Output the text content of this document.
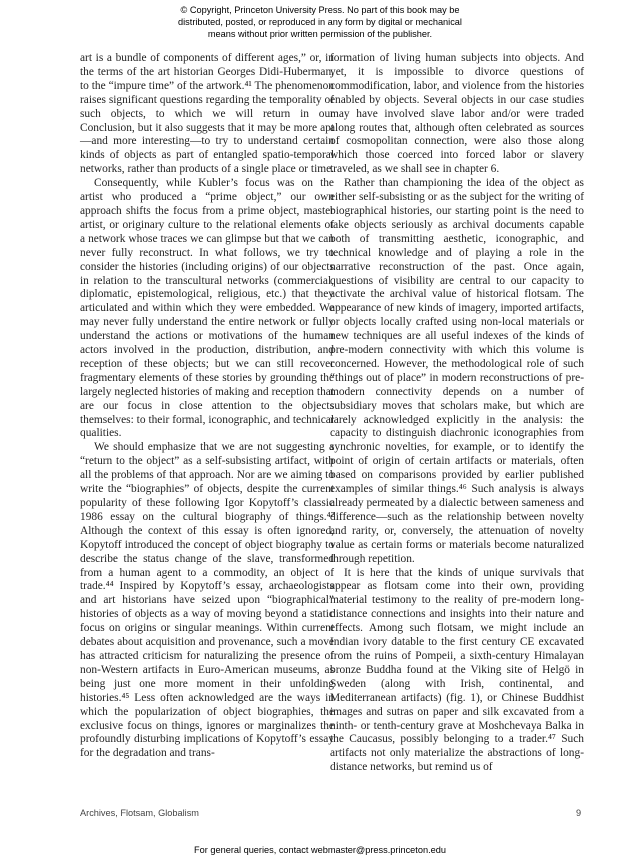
© Copyright, Princeton University Press. No part of this book may be
distributed, posted, or reproduced in any form by digital or mechanical
means without prior written permission of the publisher.

art is a bundle of components of different ages,” or, in the terms of the art historian Georges Didi-Huberman, to the “impure time” of the artwork.⁴¹ The phenomenon raises significant questions regarding the temporality of such objects, to which we will return in our Conclusion, but it also suggests that it may be more apt—and more interesting—to try to understand certain kinds of objects as part of entangled spatio-temporal networks, rather than products of a single place or time.

Consequently, while Kubler’s focus was on the artist who produced a “prime object,” our own approach shifts the focus from a prime object, master artist, or originary culture to the relational elements of a network whose traces we can glimpse but that we can never fully reconstruct. In what follows, we try to consider the histories (including origins) of our objects in relation to the transcultural networks (commercial, diplomatic, epistemological, religious, etc.) that they articulated and within which they were embedded. We may never fully understand the entire network or fully understand the actions or motivations of the human actors involved in the production, distribution, and reception of these objects; but we can still recover fragmentary elements of these stories by grounding the largely neglected histories of making and reception that are our focus in close attention to the objects themselves: to their formal, iconographic, and technical qualities.

We should emphasize that we are not suggesting a “return to the object” as a self-subsisting artifact, with all the problems of that approach. Nor are we aiming to write the “biographies” of objects, despite the current popularity of these following Igor Kopytoff’s classic 1986 essay on the cultural biography of things.⁴² Although the context of this essay is often ignored, Kopytoff introduced the concept of object biography to describe the status change of the slave, transformed from a human agent to a commodity, an object of trade.⁴⁴ Inspired by Kopytoff’s essay, archaeologists and art historians have seized upon “biographical” histories of objects as a way of moving beyond a static focus on origins or singular meanings. Within current debates about acquisition and provenance, such a move has attracted criticism for naturalizing the presence of non-Western artifacts in Euro-American museums, as being just one more moment in their unfolding histories.⁴⁵ Less often acknowledged are the ways in which the popularization of object biographies, the exclusive focus on things, ignores or marginalizes the profoundly disturbing implications of Kopytoff’s essay for the degradation and trans-

formation of living human subjects into objects. And yet, it is impossible to divorce questions of commodification, labor, and violence from the histories enabled by objects. Several objects in our case studies may have involved slave labor and/or were traded along routes that, although often celebrated as sources of cosmopolitan connection, were also those along which those coerced into forced labor or slavery traveled, as we shall see in chapter 6.

Rather than championing the idea of the object as either self-subsisting or as the subject for the writing of biographical histories, our starting point is the need to take objects seriously as archival documents capable both of transmitting aesthetic, iconographic, and technical knowledge and of playing a role in the narrative reconstruction of the past. Once again, questions of visibility are central to our capacity to activate the archival value of historical flotsam. The appearance of new kinds of imagery, imported artifacts, or objects locally crafted using non-local materials or new techniques are all useful indexes of the kinds of pre-modern connectivity with which this volume is concerned. However, the methodological role of such “things out of place” in modern reconstructions of pre-modern connectivity depends on a number of subsidiary moves that scholars make, but which are rarely acknowledged explicitly in the analysis: the capacity to distinguish diachronic iconographies from synchronic novelties, for example, or to identify the point of origin of certain artifacts or materials, often based on comparisons provided by earlier published examples of similar things.⁴⁶ Such analysis is always already permeated by a dialectic between sameness and difference—such as the relationship between novelty and rarity, or, conversely, the attenuation of novelty value as certain forms or materials become naturalized through repetition.

It is here that the kinds of unique survivals that appear as flotsam come into their own, providing material testimony to the reality of pre-modern long-distance connections and insights into their nature and effects. Among such flotsam, we might include an Indian ivory datable to the first century CE excavated from the ruins of Pompeii, a sixth-century Himalayan bronze Buddha found at the Viking site of Helgö in Sweden (along with Irish, continental, and Mediterranean artifacts) (fig. 1), or Chinese Buddhist images and sutras on paper and silk excavated from a ninth- or tenth-century grave at Moshchevaya Balka in the Caucasus, possibly belonging to a trader.⁴⁷ Such artifacts not only materialize the abstractions of long-distance networks, but remind us of

Archives, Flotsam, Globalism	9
For general queries, contact webmaster@press.princeton.edu
